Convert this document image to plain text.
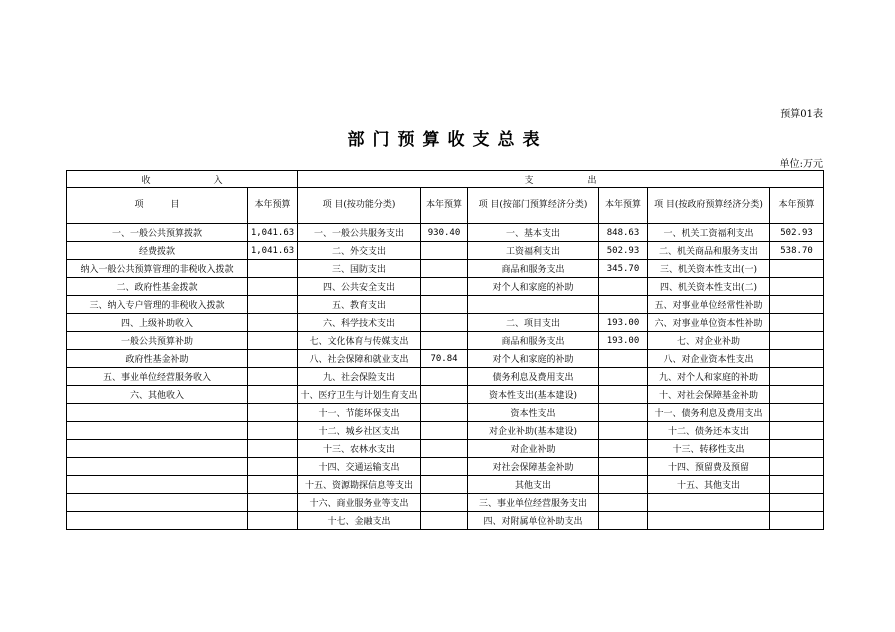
预算01表
部门预算收支总表
单位:万元
收　　　　　　　入		支　　　　　　出					
项　　　目	本年预算	项 目(按功能分类)	本年预算	项 目(按部门预算经济分类)	本年预算	项 目(按政府预算经济分类)	本年预算
一、一般公共预算拨款	1,041.63	一、一般公共服务支出	930.40	一、基本支出	848.63	一、机关工资福利支出	502.93
经费拨款	1,041.63	二、外交支出		工资福利支出	502.93	二、机关商品和服务支出	538.70
纳入一般公共预算管理的非税收入拨款		三、国防支出		商品和服务支出	345.70	三、机关资本性支出(一)	
二、政府性基金拨款		四、公共安全支出		对个人和家庭的补助		四、机关资本性支出(二)	
三、纳入专户管理的非税收入拨款		五、教育支出				五、对事业单位经常性补助	
四、上级补助收入		六、科学技术支出		二、项目支出	193.00	六、对事业单位资本性补助	
一般公共预算补助		七、文化体育与传媒支出		商品和服务支出	193.00	七、对企业补助	
政府性基金补助		八、社会保障和就业支出	70.84	对个人和家庭的补助		八、对企业资本性支出	
五、事业单位经营服务收入		九、社会保险支出		债务利息及费用支出		九、对个人和家庭的补助	
六、其他收入		十、医疗卫生与计划生育支出		资本性支出(基本建设)		十、对社会保障基金补助	
		十一、节能环保支出		资本性支出		十一、债务利息及费用支出	
		十二、城乡社区支出		对企业补助(基本建设)		十二、债务还本支出	
		十三、农林水支出		对企业补助		十三、转移性支出	
		十四、交通运输支出		对社会保障基金补助		十四、预留费及预留	
		十五、资源勘探信息等支出		其他支出		十五、其他支出	
		十六、商业服务业等支出		三、事业单位经营服务支出			
		十七、金融支出		四、对附属单位补助支出			
